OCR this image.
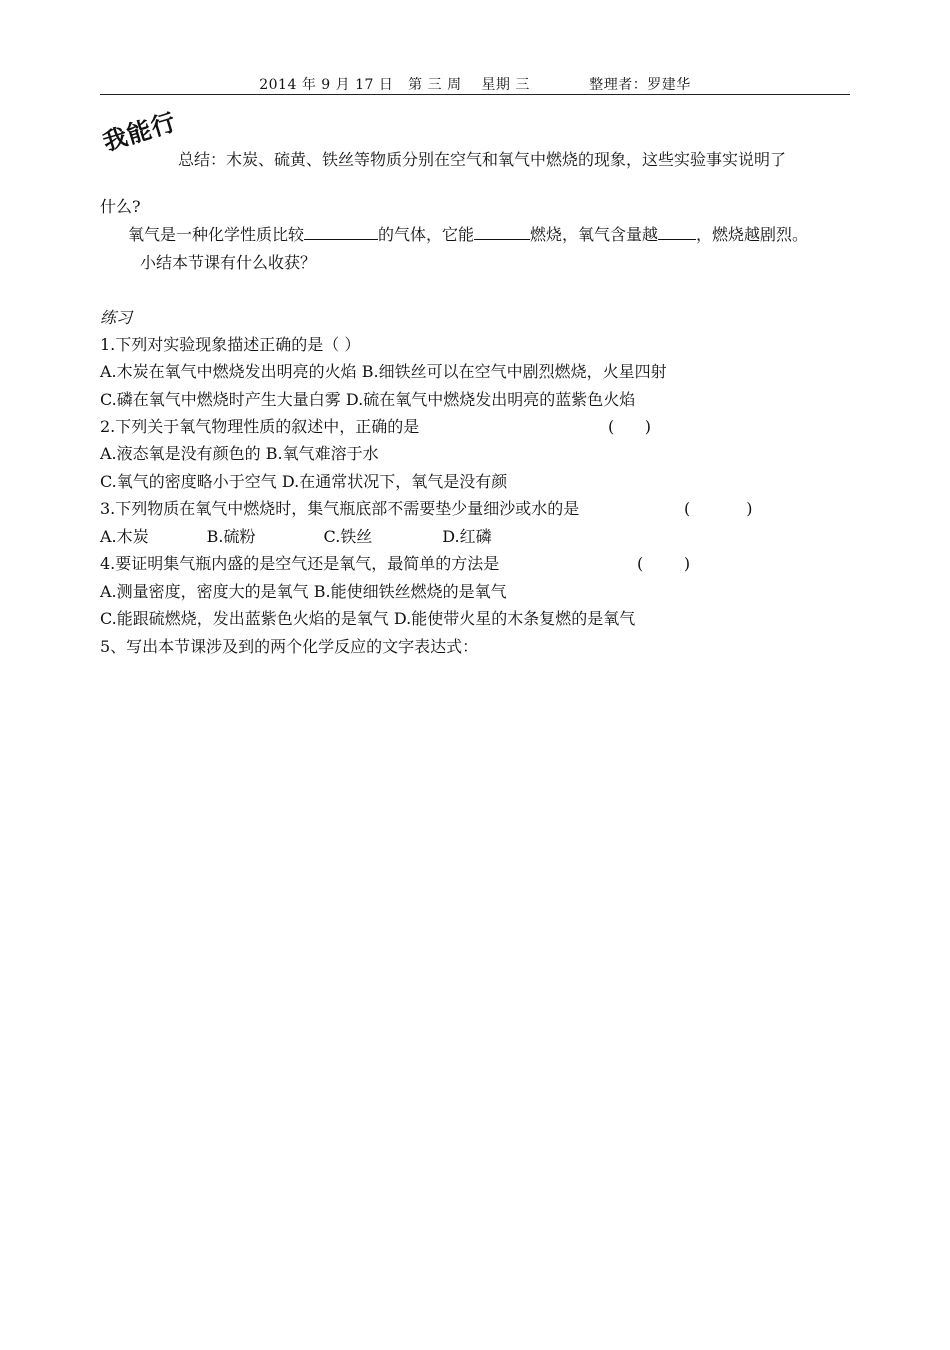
2014 年 9 月 17 日   第 三 周    星期 三            整理者：罗建华
我能行
总结：木炭、硫黄、铁丝等物质分别在空气和氧气中燃烧的现象，这些实验事实说明了
什么?
氧气是一种化学性质比较	的气体，它能	燃烧，氧气含量越 ，燃烧越剧烈。
小结本节课有什么收获？
练习
1.下列对实验现象描述正确的是（ ）
A.木炭在氧气中燃烧发出明亮的火焰 B.细铁丝可以在空气中剧烈燃烧，火星四射
C.磷在氧气中燃烧时产生大量白雾 D.硫在氧气中燃烧发出明亮的蓝紫色火焰
2.下列关于氧气物理性质的叙述中，正确的是	(      )
A.液态氧是没有颜色的 B.氧气难溶于水
C.氧气的密度略小于空气 D.在通常状况下，氧气是没有颜
3.下列物质在氧气中燃烧时，集气瓶底部不需要垫少量细沙或水的是	(           )
A.木炭	B.硫粉	C.铁丝	D.红磷
4.要证明集气瓶内盛的是空气还是氧气，最简单的方法是	(        )
A.测量密度，密度大的是氧气 B.能使细铁丝燃烧的是氧气
C.能跟硫燃烧，发出蓝紫色火焰的是氧气 D.能使带火星的木条复燃的是氧气
5、写出本节课涉及到的两个化学反应的文字表达式：
